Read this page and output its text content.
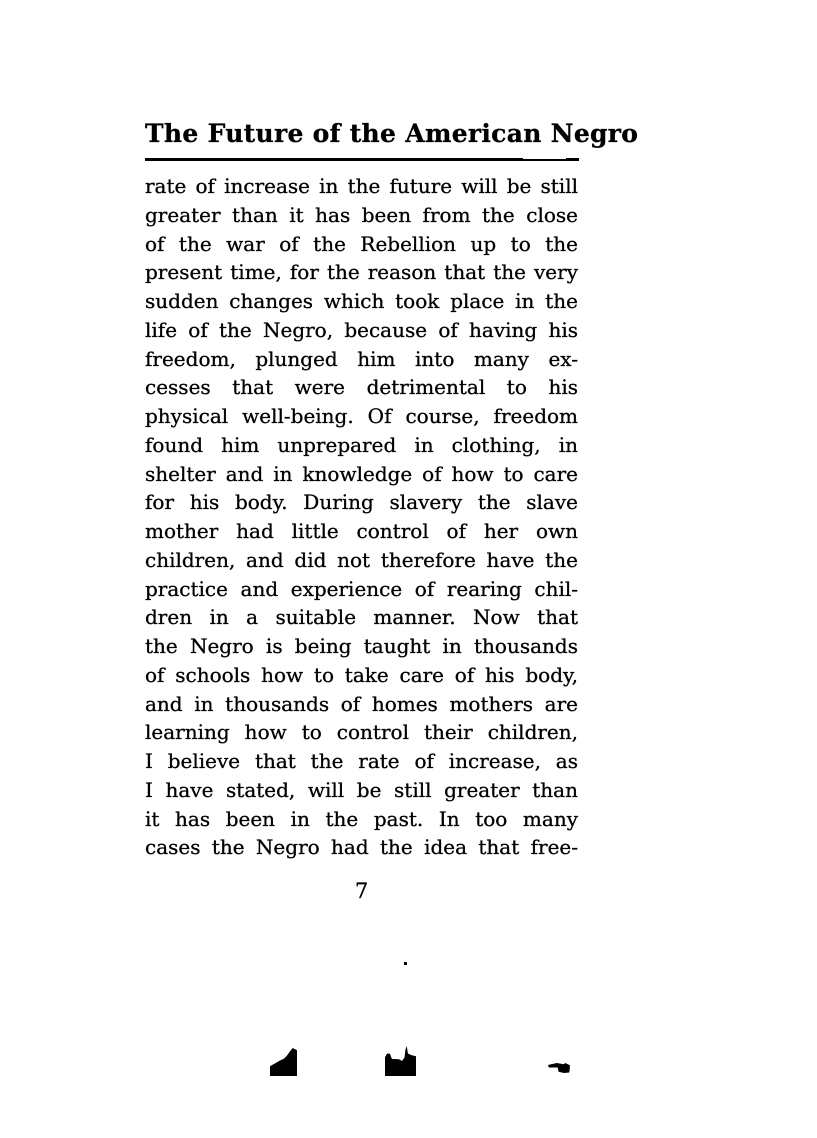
The Future of the American Negro
rate of increase in the future will be still
greater than it has been from the close
of the war of the Rebellion up to the
present time, for the reason that the very
sudden changes which took place in the
life of the Negro, because of having his
freedom, plunged him into many ex-
cesses that were detrimental to his
physical well-being. Of course, freedom
found him unprepared in clothing, in
shelter and in knowledge of how to care
for his body. During slavery the slave
mother had little control of her own
children, and did not therefore have the
practice and experience of rearing chil-
dren in a suitable manner. Now that
the Negro is being taught in thousands
of schools how to take care of his body,
and in thousands of homes mothers are
learning how to control their children,
I believe that the rate of increase, as
I have stated, will be still greater than
it has been in the past. In too many
cases the Negro had the idea that free-
7
